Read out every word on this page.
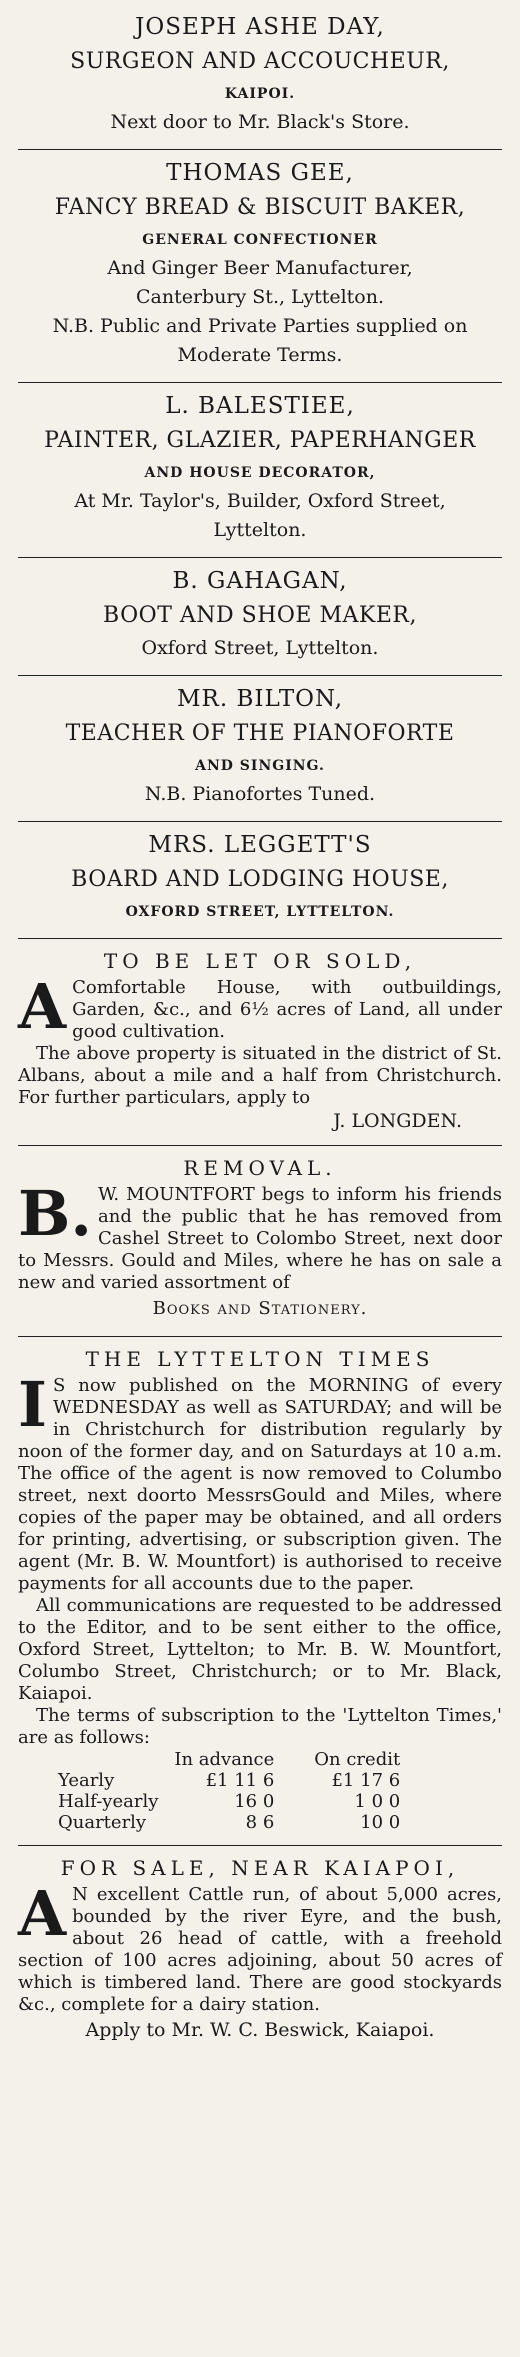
JOSEPH ASHE DAY,
SURGEON AND ACCOUCHEUR,
KAIPOI.
Next door to Mr. Black's Store.
THOMAS GEE,
FANCY BREAD & BISCUIT BAKER,
GENERAL CONFECTIONER
And Ginger Beer Manufacturer,
Canterbury St., Lyttelton.
N.B. Public and Private Parties supplied on
Moderate Terms.
L. BALESTIEE,
PAINTER, GLAZIER, PAPERHANGER
AND HOUSE DECORATOR,
At Mr. Taylor's, Builder, Oxford Street,
Lyttelton.
B. GAHAGAN,
BOOT AND SHOE MAKER,
Oxford Street, Lyttelton.
MR. BILTON,
TEACHER OF THE PIANOFORTE
AND SINGING.
N.B. Pianofortes Tuned.
MRS. LEGGETT'S
BOARD AND LODGING HOUSE,
OXFORD STREET, LYTTELTON.
TO BE LET OR SOLD,
A Comfortable House, with outbuildings, Garden, &c., and 6½ acres of Land, all under good cultivation.

The above property is situated in the district of St. Albans, about a mile and a half from Christchurch. For further particulars, apply to

J. LONGDEN.
REMOVAL.
B. W. MOUNTFORT begs to inform his friends and the public that he has removed from Cashel Street to Colombo Street, next door to Messrs. Gould and Miles, where he has on sale a new and varied assortment of
Books and Stationery.
THE LYTTELTON TIMES
I S now published on the MORNING of every WEDNESDAY as well as SATURDAY; and will be in Christchurch for distribution regularly by noon of the former day, and on Saturdays at 10 a.m. The office of the agent is now removed to Columbo street, next doorto MessrsGould and Miles, where copies of the paper may be obtained, and all orders for printing, advertising, or subscription given. The agent (Mr. B. W. Mountfort) is authorised to receive payments for all accounts due to the paper.

All communications are requested to be addressed to the Editor, and to be sent either to the office, Oxford Street, Lyttelton; to Mr. B. W. Mountfort, Columbo Street, Christchurch; or to Mr. Black, Kaiapoi.

The terms of subscription to the 'Lyttelton Times,' are as follows:

	In advance	On credit
Yearly	£1 11 6	£1 17 6
Half-yearly	16 0	1 0 0
Quarterly	8 6	10 0
FOR SALE, NEAR KAIAPOI,
A N excellent Cattle run, of about 5,000 acres, bounded by the river Eyre, and the bush, about 26 head of cattle, with a freehold section of 100 acres adjoining, about 50 acres of which is timbered land. There are good stockyards &c., complete for a dairy station.
Apply to Mr. W. C. Beswick, Kaiapoi.
